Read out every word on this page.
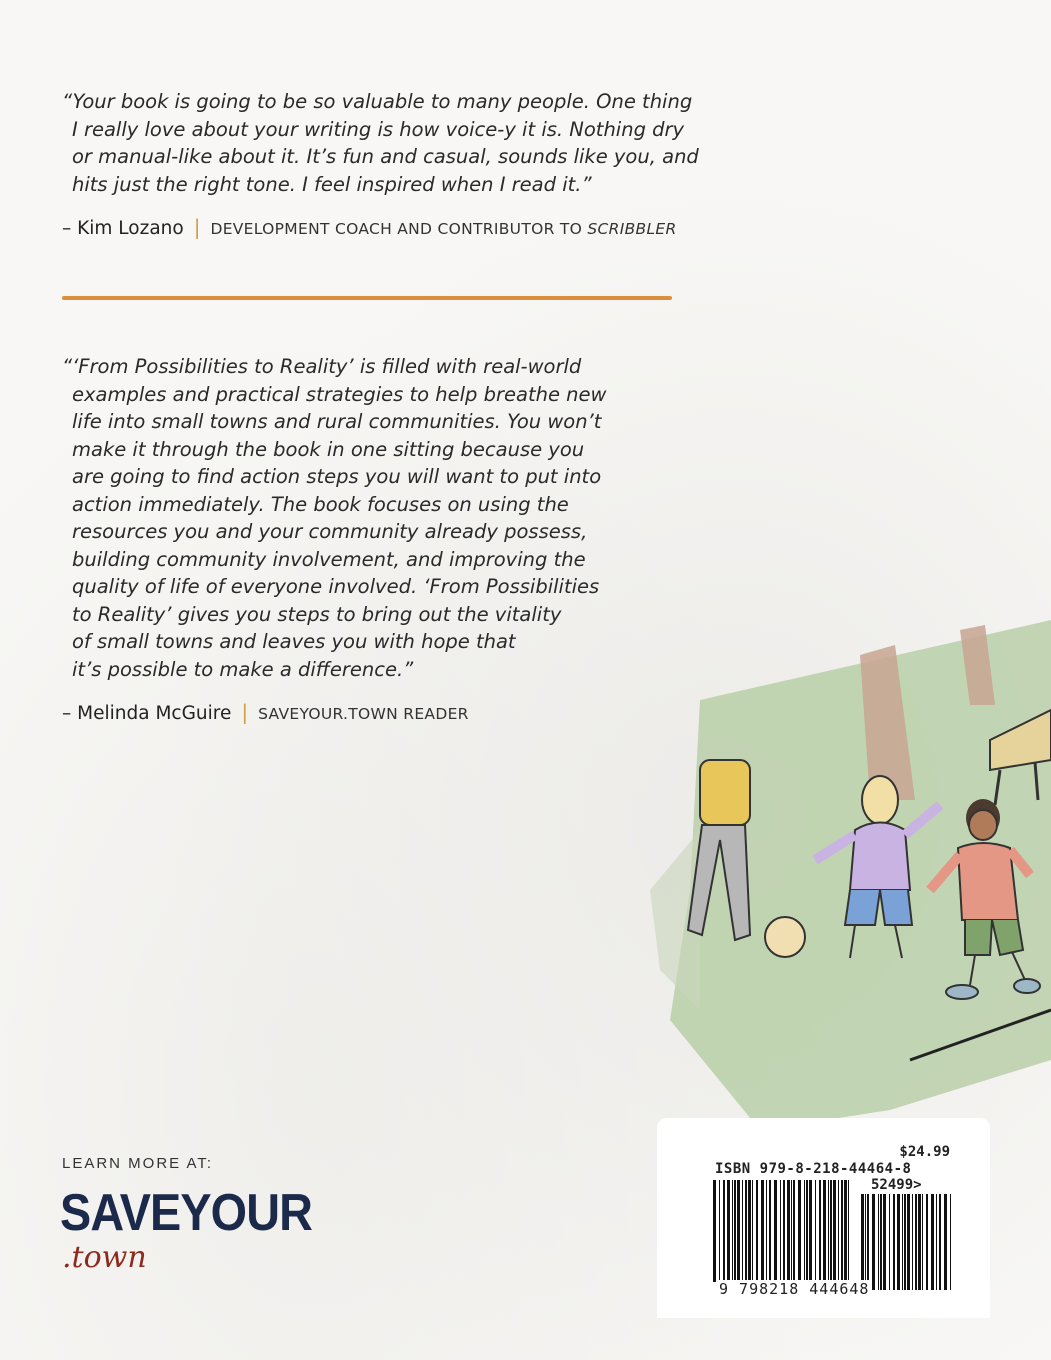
“Your book is going to be so valuable to many people. One thing
I really love about your writing is how voice-y it is. Nothing dry
or manual-like about it. It’s fun and casual, sounds like you, and
hits just the right tone. I feel inspired when I read it.”
– Kim Lozano | DEVELOPMENT COACH AND CONTRIBUTOR TO SCRIBBLER
“‘From Possibilities to Reality’ is filled with real-world
examples and practical strategies to help breathe new
life into small towns and rural communities. You won’t
make it through the book in one sitting because you
are going to find action steps you will want to put into
action immediately. The book focuses on using the
resources you and your community already possess,
building community involvement, and improving the
quality of life of everyone involved. ‘From Possibilities
to Reality’ gives you steps to bring out the vitality
of small towns and leaves you with hope that
it’s possible to make a difference.”
– Melinda McGuire | SAVEYOUR.TOWN READER
LEARN MORE AT:
SAVEYOUR
.town
$24.99
ISBN 979-8-218-44464-8
52499>
9 798218 444648
